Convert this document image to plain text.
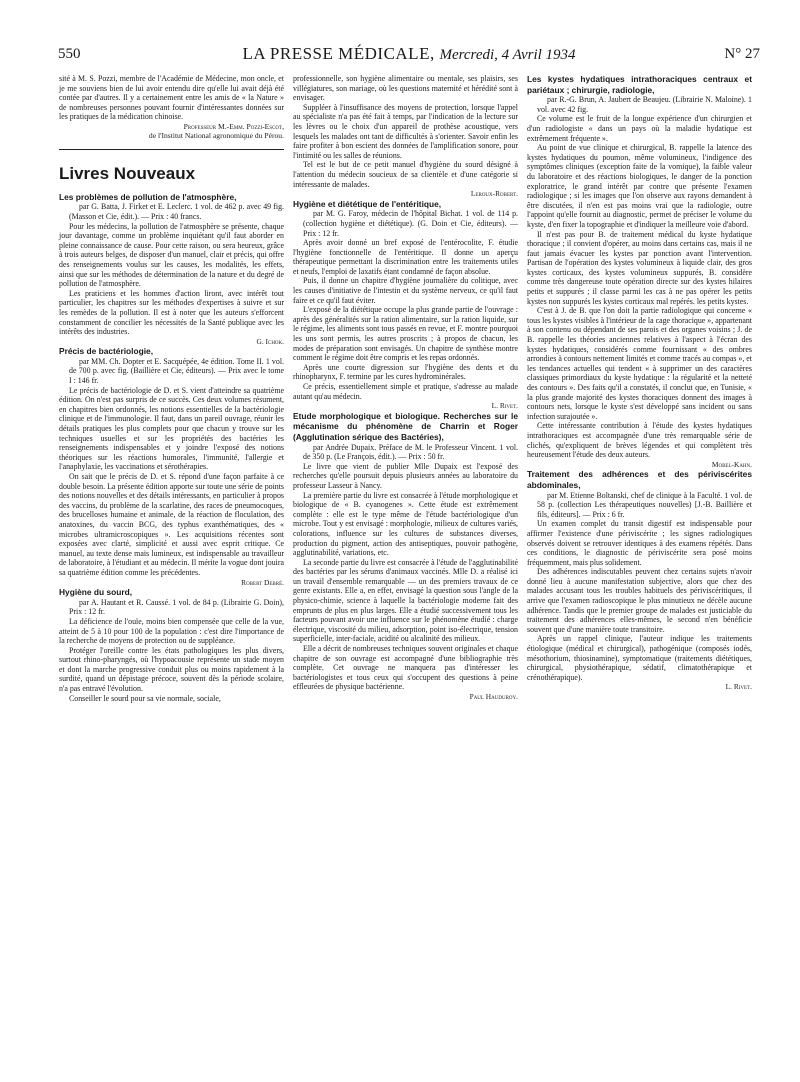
550	LA PRESSE MÉDICALE, Mercredi, 4 Avril 1934	N° 27

sité à M. S. Pozzi, membre de l'Académie de Médecine, mon oncle, et je me souviens bien de lui avoir entendu dire qu'elle lui avait déjà été contée par d'autres. Il y a certainement entre les amis de « la Nature » de nombreuses personnes pouvant fournir d'intéressantes données sur les pratiques de la médication chinoise.

Professeur M.-Emm. Pozzi-Escot,

de l'Institut National agronomique du Pérou.

Livres Nouveaux

Les problèmes de pollution de l'atmosphère,

par G. Batta, J. Firket et E. Leclerc. 1 vol. de 462 p. avec 49 fig. (Masson et Cie, édit.). — Prix : 40 francs.

Pour les médecins, la pollution de l'atmosphère se présente, chaque jour davantage, comme un problème inquiétant qu'il faut aborder en pleine connaissance de cause. Pour cette raison, ou sera heureux, grâce à trois auteurs belges, de disposer d'un manuel, clair et précis, qui offre des renseignements voulus sur les causes, les modalités, les effets, ainsi que sur les méthodes de détermination de la nature et du degré de pollution de l'atmosphère.

Les praticiens et les hommes d'action liront, avec intérêt tout particulier, les chapitres sur les méthodes d'expertises à suivre et sur les remèdes de la pollution. Il est à noter que les auteurs s'efforcent constamment de concilier les nécessités de la Santé publique avec les intérêts des industries.

G. Ichok.

Précis de bactériologie,

par MM. Ch. Dopter et E. Sacquépée, 4e édition. Tome II. 1 vol. de 700 p. avec fig. (Baillière et Cie, éditeurs). — Prix avec le tome I : 146 fr.

Le précis de bactériologie de D. et S. vient d'atteindre sa quatrième édition. On n'est pas surpris de ce succès. Ces deux volumes résument, en chapitres bien ordonnés, les notions essentielles de la bactériologie clinique et de l'immunologie. Il faut, dans un pareil ouvrage, réunir les détails pratiques les plus complets pour que chacun y trouve sur les techniques usuelles et sur les propriétés des bactéries les renseignements indispensables et y joindre l'exposé des notions théoriques sur les réactions humorales, l'immunité, l'allergie et l'anaphylaxie, les vaccinations et sérothérapies.

On sait que le précis de D. et S. répond d'une façon parfaite à ce double besoin. La présente édition apporte sur toute une série de points des notions nouvelles et des détails intéressants, en particulier à propos des vaccins, du problème de la scarlatine, des races de pneumocoques, des brucelloses humaine et animale, de la réaction de floculation, des anatoxines, du vaccin BCG, des typhus exanthématiques, des « microbes ultramicroscopiques ». Les acquisitions récentes sont exposées avec clarté, simplicité et aussi avec esprit critique. Ce manuel, au texte dense mais lumineux, est indispensable au travailleur de laboratoire, à l'étudiant et au médecin. Il mérite la vogue dont jouira sa quatrième édition comme les précédentes.

Robert Debré.

Hygiène du sourd,

par A. Hautant et R. Caussé. 1 vol. de 84 p. (Librairie G. Doin), Prix : 12 fr.

La déficience de l'ouïe, moins bien compensée que celle de la vue, atteint de 5 à 10 pour 100 de la population : c'est dire l'importance de la recherche de moyens de protection ou de suppléance.

Protéger l'oreille contre les états pathologiques les plus divers, surtout rhino-pharyngés, où l'hypoacousie représente un stade moyen et dont la marche progressive conduit plus ou moins rapidement à la surdité, quand un dépistage précoce, souvent dès la période scolaire, n'a pas entravé l'évolution.

Conseiller le sourd pour sa vie normale, sociale,

professionnelle, son hygiène alimentaire ou mentale, ses plaisirs, ses villégiatures, son mariage, où les questions maternité et hérédité sont à envisager.

Suppléer à l'insuffisance des moyens de protection, lorsque l'appel au spécialiste n'a pas été fait à temps, par l'indication de la lecture sur les lèvres ou le choix d'un appareil de prothèse acoustique, vers lesquels les malades ont tant de difficultés à s'orienter. Savoir enfin les faire profiter à bon escient des données de l'amplification sonore, pour l'intimité ou les salles de réunions.

Tel est le but de ce petit manuel d'hygiène du sourd désigné à l'attention du médecin soucieux de sa clientèle et d'une catégorie si intéressante de malades.

Leroux-Robert.

Hygiène et diététique de l'entéritique,

par M. G. Faroy, médecin de l'hôpital Bichat. 1 vol. de 114 p. (collection hygiène et diététique). (G. Doin et Cie, éditeurs). — Prix : 12 fr.

Après avoir donné un bref exposé de l'entérocolite, F. étudie l'hygiène fonctionnelle de l'entéritique. Il donne un aperçu thérapeutique permettant la discrimination entre les traitements utiles et neufs, l'emploi de laxatifs étant condamné de façon absolue.

Puis, il donne un chapitre d'hygiène journalière du colitique, avec les causes d'initiative de l'intestin et du système nerveux, ce qu'il faut faire et ce qu'il faut éviter.

L'exposé de la diététique occupe la plus grande partie de l'ouvrage : après des généralités sur la ration alimentaire, sur la ration liquide, sur le régime, les aliments sont tous passés en revue, et F. montre pourquoi les uns sont permis, les autres proscrits ; à propos de chacun, les modes de préparation sont envisagés. Un chapitre de synthèse montre comment le régime doit être compris et les repas ordonnés.

Après une courte digression sur l'hygiène des dents et du rhinopharynx, F. termine par les cures hydrominérales.

Ce précis, essentiellement simple et pratique, s'adresse au malade autant qu'au médecin.

L. Rivet.

Etude morphologique et biologique. Recherches sur le mécanisme du phénomène de Charrin et Roger (Agglutination sérique des Bactéries),

par Andrée Dupaix. Préface de M. le Professeur Vincent. 1 vol. de 350 p. (Le François, édit.). — Prix : 50 fr.

Le livre que vient de publier Mlle Dupaix est l'exposé des recherches qu'elle poursuit depuis plusieurs années au laboratoire du professeur Lasseur à Nancy.

La première partie du livre est consacrée à l'étude morphologique et biologique de « B. cyanogenes ». Cette étude est extrêmement complète : elle est le type même de l'étude bactériologique d'un microbe. Tout y est envisagé : morphologie, milieux de cultures variés, colorations, influence sur les cultures de substances diverses, production du pigment, action des antiseptiques, pouvoir pathogène, agglutinabilité, variations, etc.

La seconde partie du livre est consacrée à l'étude de l'agglutinabilité des bactéries par les sérums d'animaux vaccinés. Mlle D. a réalisé ici un travail d'ensemble remarquable — un des premiers travaux de ce genre existants. Elle a, en effet, envisagé la question sous l'angle de la physico-chimie, science à laquelle la bactériologie moderne fait des emprunts de plus en plus larges. Elle a étudié successivement tous les facteurs pouvant avoir une influence sur le phénomène étudié : charge électrique, viscosité du milieu, adsorption, point iso-électrique, tension superficielle, inter-faciale, acidité ou alcalinité des milieux.

Elle a décrit de nombreuses techniques souvent originales et chaque chapitre de son ouvrage est accompagné d'une bibliographie très complète. Cet ouvrage ne manquera pas d'intéresser les bactériologistes et tous ceux qui s'occupent des questions à peine effleurées de physique bactérienne.

Paul Hauduroy.

Les kystes hydatiques intrathoraciques centraux et pariétaux ; chirurgie, radiologie,

par R.-G. Brun, A. Jaubert de Beaujeu. (Librairie N. Maloine). 1 vol. avec 42 fig.

Ce volume est le fruit de la longue expérience d'un chirurgien et d'un radiologiste « dans un pays où la maladie hydatique est extrêmement fréquente ».

Au point de vue clinique et chirurgical, B. rappelle la latence des kystes hydatiques du poumon, même volumineux, l'indigence des symptômes cliniques (exception faite de la vomique), la faible valeur du laboratoire et des réactions biologiques, le danger de la ponction exploratrice, le grand intérêt par contre que présente l'examen radiologique ; si les images que l'on observe aux rayons demandent à être discutées, il n'en est pas moins vrai que la radiologie, outre l'appoint qu'elle fournit au diagnostic, permet de préciser le volume du kyste, d'en fixer la topographie et d'indiquer la meilleure voie d'abord.

Il n'est pas pour B. de traitement médical du kyste hydatique thoracique ; il convient d'opérer, au moins dans certains cas, mais il ne faut jamais évacuer les kystes par ponction avant l'intervention. Partisan de l'opération des kystes volumineux à liquide clair, des gros kystes corticaux, des kystes volumineux suppurés, B. considère comme très dangereuse toute opération directe sur des kystes hilaires petits et suppurés ; il classe parmi les cas à ne pas opérer les petits kystes non suppurés les kystes corticaux mal repérés. les petits kystes.

C'est à J. de B. que l'on doit la partie radiologique qui concerne « tous les kystes visibles à l'intérieur de la cage thoracique », appartenant à son contenu ou dépendant de ses parois et des organes voisins ; J. de B. rappelle les théories anciennes relatives à l'aspect à l'écran des kystes hydatiques, considérés comme fournissant « des ombres arrondies à contours nettement limités et comme tracés au compas », et les tendances actuelles qui tendent « à supprimer un des caractères classiques primordiaux du kyste hydatique : la régularité et la netteté des contours ». Des faits qu'il a constatés, il conclut que, en Tunisie, « la plus grande majorité des kystes thoraciques donnent des images à contours nets, lorsque le kyste s'est développé sans incident ou sans infection surajoutée ».

Cette intéressante contribution à l'étude des kystes hydatiques intrathoraciques est accompagnée d'une très remarquable série de clichés, qu'expliquent de brèves légendes et qui complètent très heureusement l'étude des deux auteurs.

Mobel-Kahn.

Traitement des adhérences et des périviscérites abdominales,

par M. Etienne Boltanski, chef de clinique à la Faculté. 1 vol. de 58 p. (collection Les thérapeutiques nouvelles) [J.-B. Baillière et fils, éditeurs]. — Prix : 6 fr.

Un examen complet du transit digestif est indispensable pour affirmer l'existence d'une périviscérite ; les signes radiologiques observés doivent se retrouver identiques à des examens répétés. Dans ces conditions, le diagnostic de périviscérite sera posé moins fréquemment, mais plus solidement.

Des adhérences indiscutables peuvent chez certains sujets n'avoir donné lieu à aucune manifestation subjective, alors que chez des malades accusant tous les troubles habituels des périviscéritiques, il arrive que l'examen radioscopique le plus minutieux ne décèle aucune adhérence. Tandis que le premier groupe de malades est justiciable du traitement des adhérences elles-mêmes, le second n'en bénéficie souvent que d'une manière toute transitoire.

Après un rappel clinique, l'auteur indique les traitements étiologique (médical et chirurgical), pathogénique (composés iodés, mésothorium, thiosinamine), symptomatique (traitements diététiques, chirurgical, physiothérapique, sédatif, climatothérapique et crénothérapique).

L. Rivet.
